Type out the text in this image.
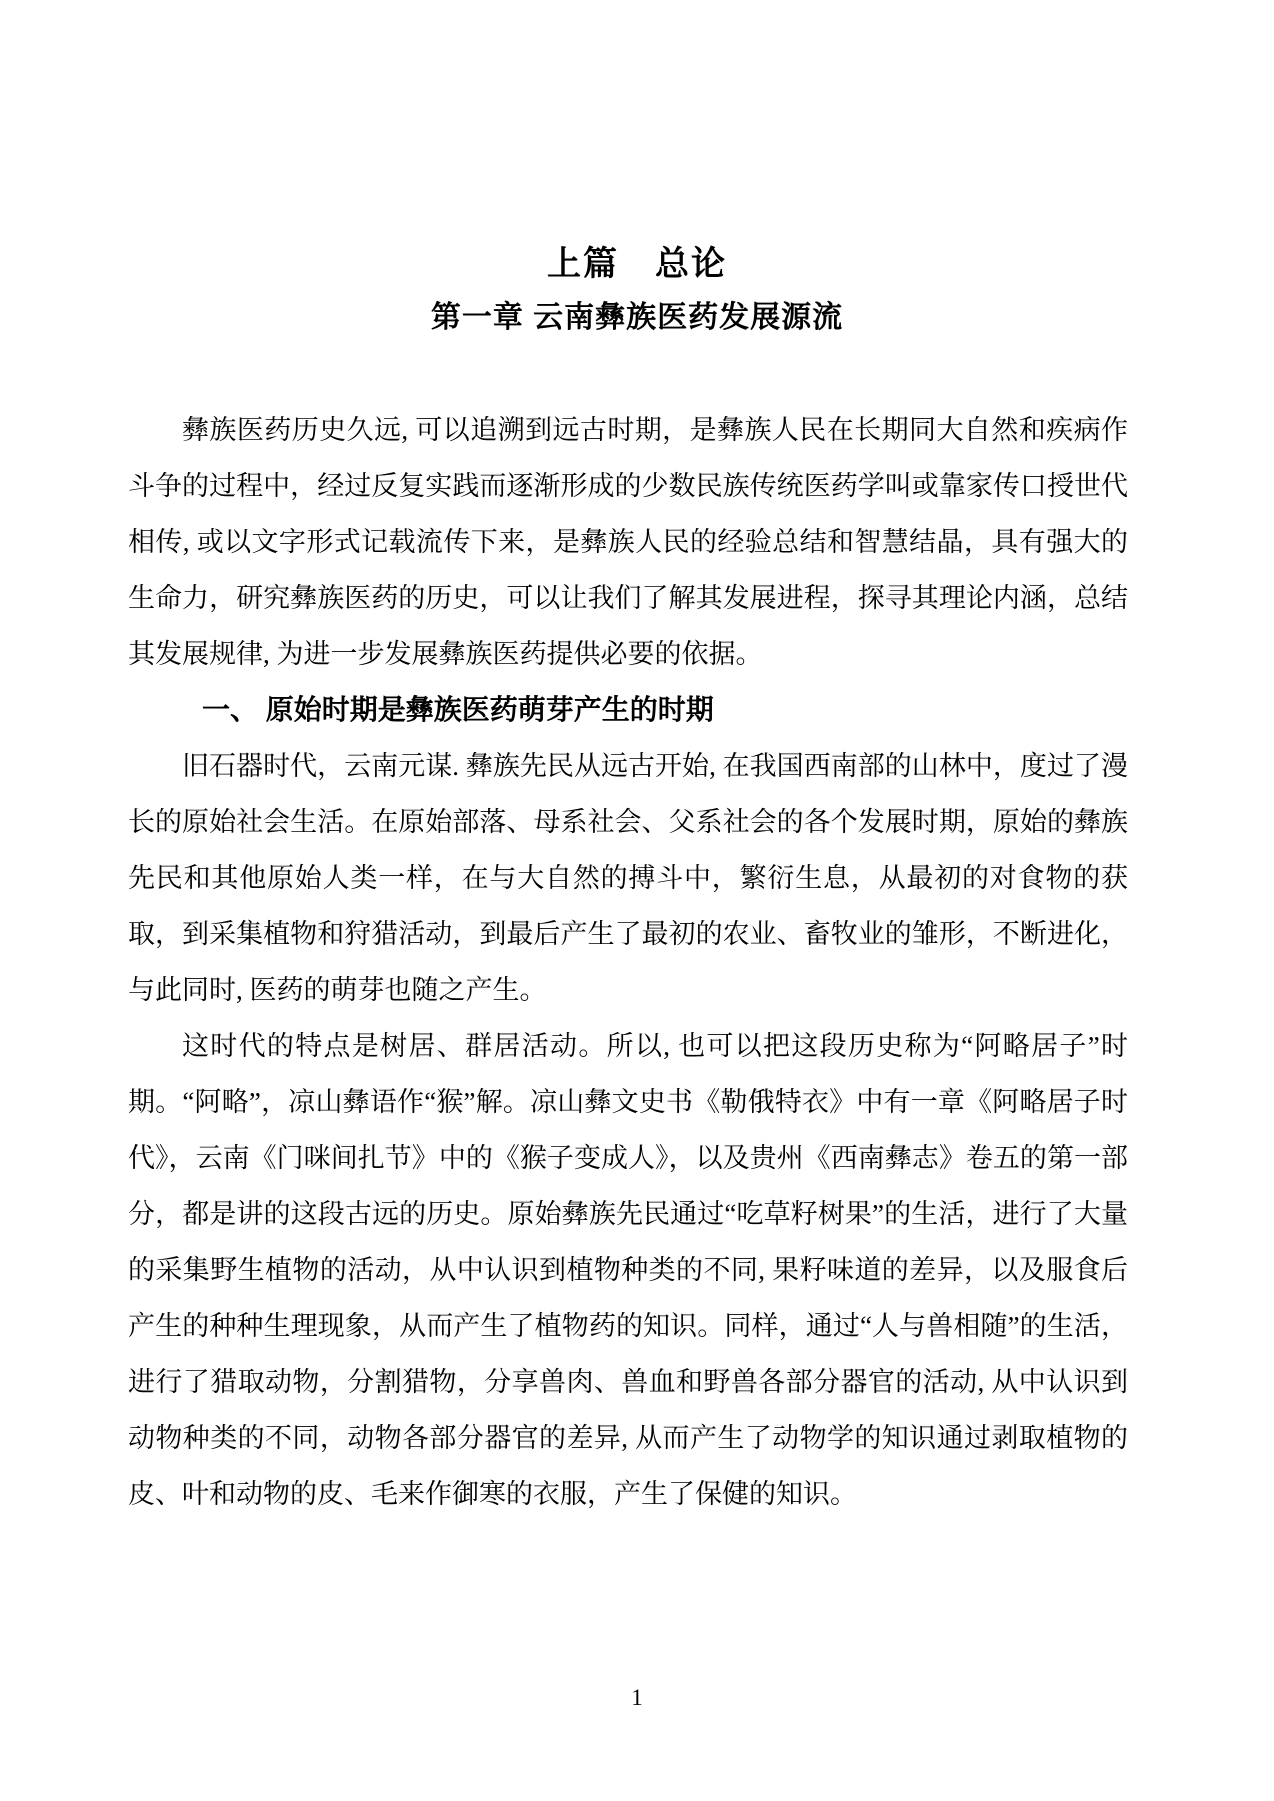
上篇　总论
第一章 云南彝族医药发展源流

彝族医药历史久远, 可以追溯到远古时期，是彝族人民在长期同大自然和疾病作斗争的过程中，经过反复实践而逐渐形成的少数民族传统医药学叫或靠家传口授世代相传, 或以文字形式记载流传下来，是彝族人民的经验总结和智慧结晶，具有强大的生命力，研究彝族医药的历史，可以让我们了解其发展进程，探寻其理论内涵，总结其发展规律, 为进一步发展彝族医药提供必要的依据。

一、 原始时期是彝族医药萌芽产生的时期

旧石器时代，云南元谋. 彝族先民从远古开始, 在我国西南部的山林中，度过了漫长的原始社会生活。在原始部落、母系社会、父系社会的各个发展时期，原始的彝族先民和其他原始人类一样，在与大自然的搏斗中，繁衍生息，从最初的对食物的获取，到采集植物和狩猎活动，到最后产生了最初的农业、畜牧业的雏形，不断进化，与此同时, 医药的萌芽也随之产生。

这时代的特点是树居、群居活动。所以, 也可以把这段历史称为“阿略居子”时期。“阿略”，凉山彝语作“猴”解。凉山彝文史书《勒俄特衣》中有一章《阿略居子时代》，云南《门咪间扎节》中的《猴子变成人》，以及贵州《西南彝志》卷五的第一部分，都是讲的这段古远的历史。原始彝族先民通过“吃草籽树果”的生活，进行了大量的采集野生植物的活动，从中认识到植物种类的不同, 果籽味道的差异，以及服食后产生的种种生理现象，从而产生了植物药的知识。同样，通过“人与兽相随”的生活，进行了猎取动物，分割猎物，分享兽肉、兽血和野兽各部分器官的活动, 从中认识到动物种类的不同，动物各部分器官的差异, 从而产生了动物学的知识通过剥取植物的皮、叶和动物的皮、毛来作御寒的衣服，产生了保健的知识。

1
